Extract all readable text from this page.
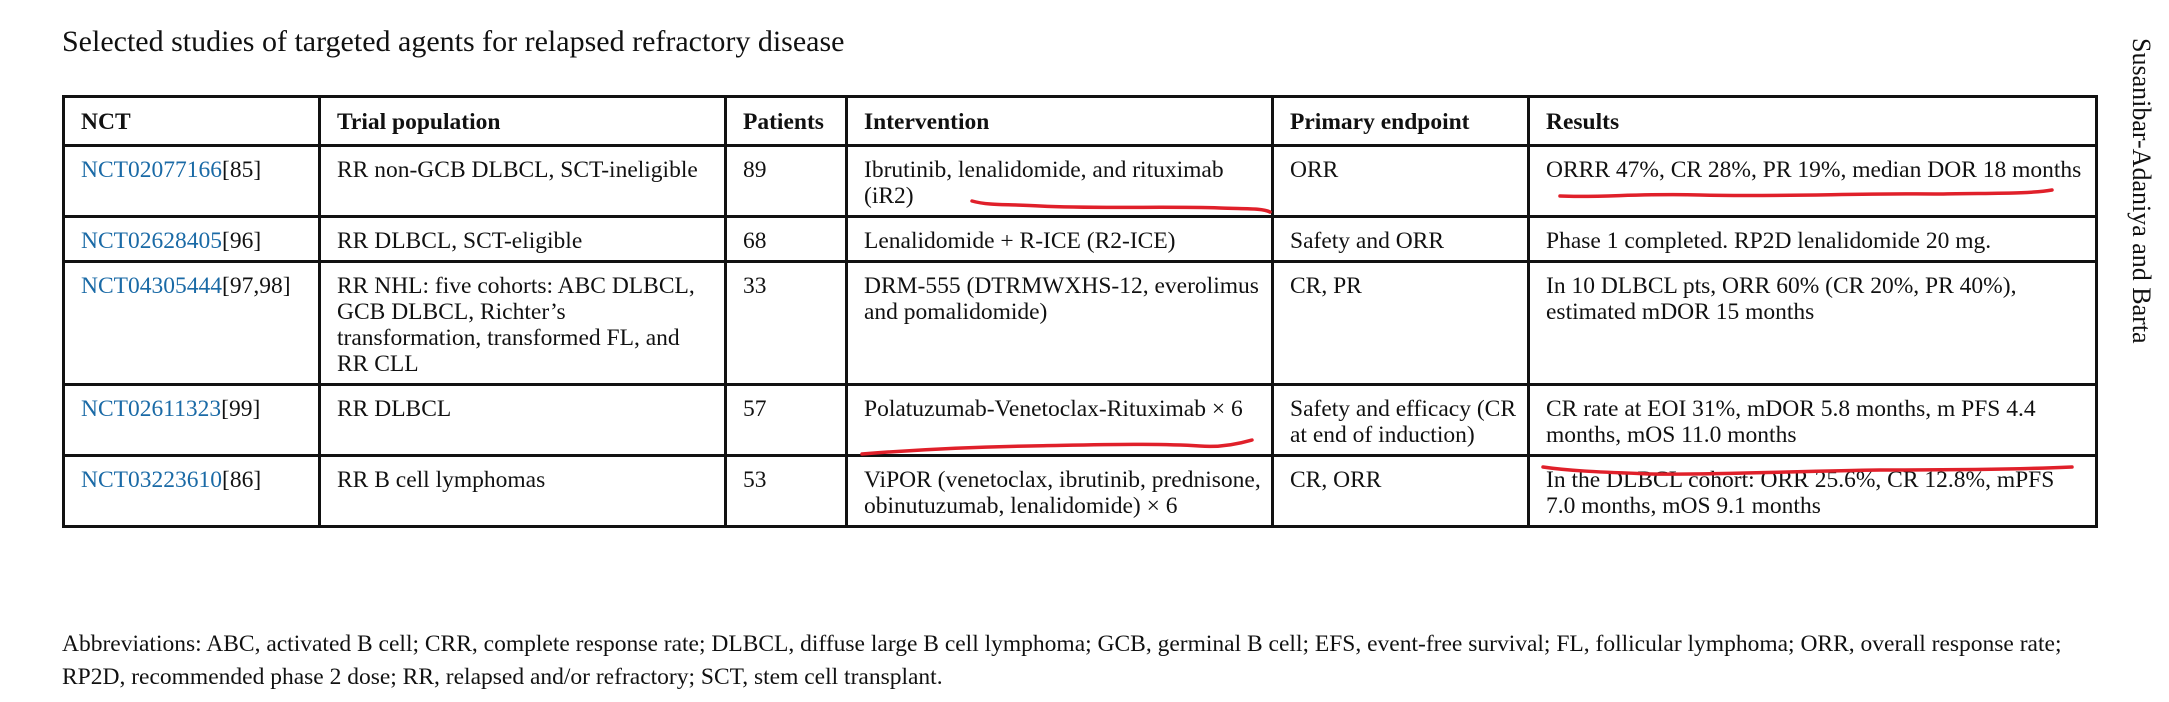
Selected studies of targeted agents for relapsed refractory disease
NCT	Trial population	Patients	Intervention	Primary endpoint	Results
NCT02077166[85]	RR non-GCB DLBCL, SCT-ineligible	89	Ibrutinib, lenalidomide, and rituximab (iR2)	ORR	ORRR 47%, CR 28%, PR 19%, median DOR 18 months
NCT02628405[96]	RR DLBCL, SCT-eligible	68	Lenalidomide + R-ICE (R2-ICE)	Safety and ORR	Phase 1 completed. RP2D lenalidomide 20 mg.
NCT04305444[97,98]	RR NHL: five cohorts: ABC DLBCL, GCB DLBCL, Richter’s transformation, transformed FL, and RR CLL	33	DRM-555 (DTRMWXHS-12, everolimus and pomalidomide)	CR, PR	In 10 DLBCL pts, ORR 60% (CR 20%, PR 40%), estimated mDOR 15 months
NCT02611323[99]	RR DLBCL	57	Polatuzumab-Venetoclax-Rituximab × 6	Safety and efficacy (CR at end of induction)	CR rate at EOI 31%, mDOR 5.8 months, m PFS 4.4 months, mOS 11.0 months
NCT03223610[86]	RR B cell lymphomas	53	ViPOR (venetoclax, ibrutinib, prednisone, obinutuzumab, lenalidomide) × 6	CR, ORR	In the DLBCL cohort: ORR 25.6%, CR 12.8%, mPFS 7.0 months, mOS 9.1 months
Abbreviations: ABC, activated B cell; CRR, complete response rate; DLBCL, diffuse large B cell lymphoma; GCB, germinal B cell; EFS, event-free survival; FL, follicular lymphoma; ORR, overall response rate; RP2D, recommended phase 2 dose; RR, relapsed and/or refractory; SCT, stem cell transplant.
Susanibar-Adaniya and Barta
